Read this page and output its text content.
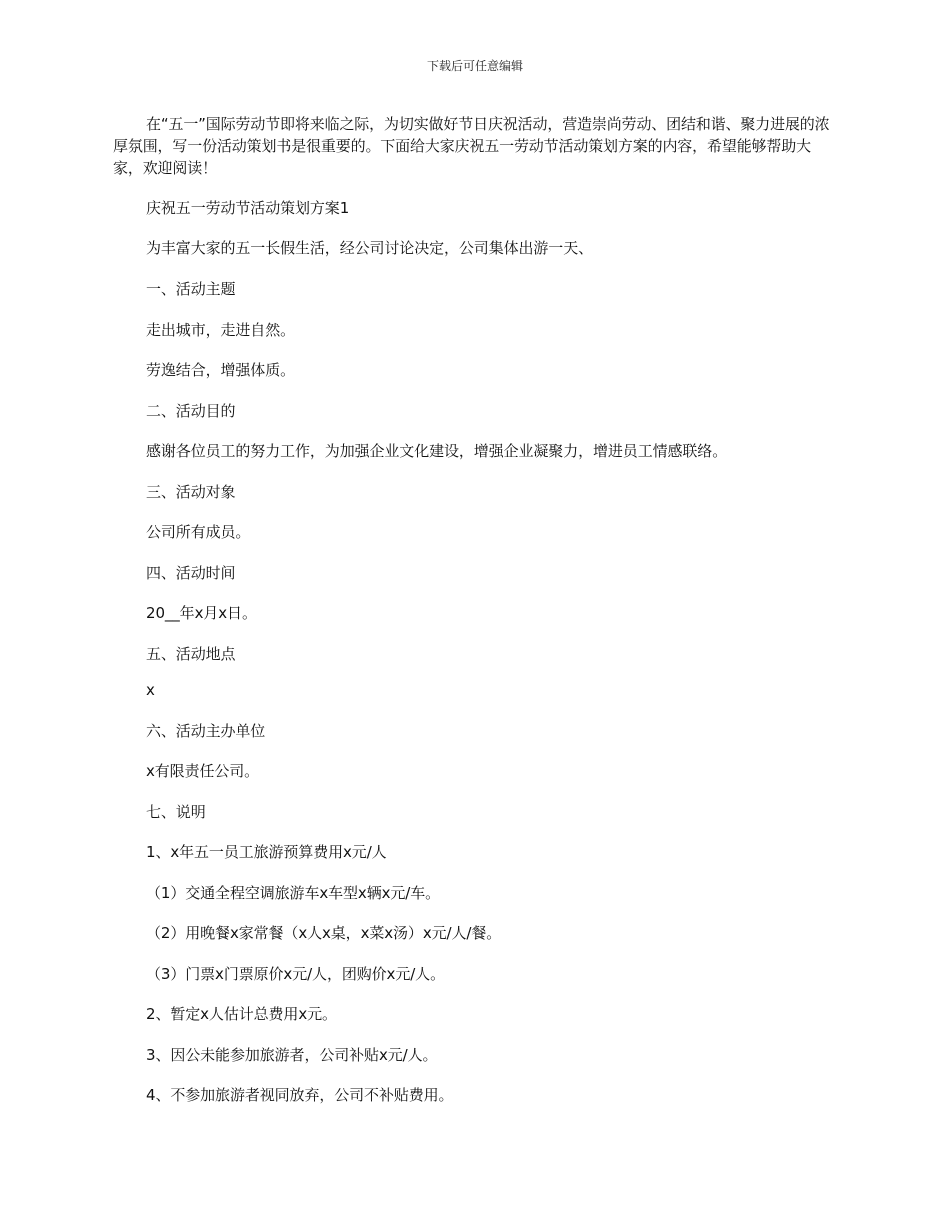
下载后可任意编辑

在“五一”国际劳动节即将来临之际，为切实做好节日庆祝活动，营造崇尚劳动、团结和谐、聚力进展的浓厚氛围，写一份活动策划书是很重要的。下面给大家庆祝五一劳动节活动策划方案的内容，希望能够帮助大家，欢迎阅读！

庆祝五一劳动节活动策划方案1

为丰富大家的五一长假生活，经公司讨论决定，公司集体出游一天、

一、活动主题

走出城市，走进自然。

劳逸结合，增强体质。

二、活动目的

感谢各位员工的努力工作，为加强企业文化建设，增强企业凝聚力，增进员工情感联络。

三、活动对象

公司所有成员。

四、活动时间

20__年x月x日。

五、活动地点

x

六、活动主办单位

x有限责任公司。

七、说明

1、x年五一员工旅游预算费用x元/人

（1）交通全程空调旅游车x车型x辆x元/车。

（2）用晚餐x家常餐（x人x桌，x菜x汤）x元/人/餐。

（3）门票x门票原价x元/人，团购价x元/人。

2、暂定x人估计总费用x元。

3、因公未能参加旅游者，公司补贴x元/人。

4、不参加旅游者视同放弃，公司不补贴费用。
